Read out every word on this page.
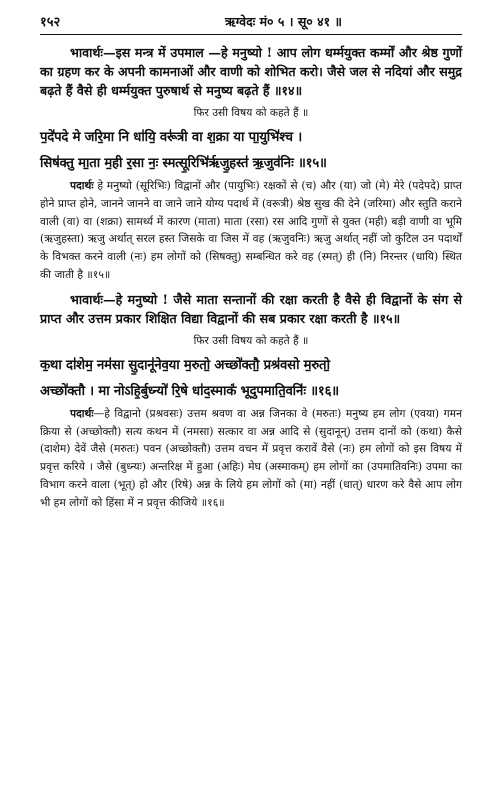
१५२	ऋग्वेदः मं० ५ । सू० ४१ ॥

भावार्थः—इस मन्त्र में उपमाल —हे मनुष्यो ! आप लोग धर्म्मयुक्त कर्म्मों और श्रेष्ठ गुणों का ग्रहण कर के अपनी कामनाओं और वाणी को शोभित करो। जैसे जल से नदियां और समुद्र बढ़ते हैं वैसे ही धर्म्मयुक्त पुरुषार्थ से मनुष्य बढ़ते हैं ॥१४॥

फिर उसी विषय को कहते हैं ॥
प॒दे॑पदे मे जरि॒मा नि धा॑यि॒ वरू॑त्री वा श॒क्रा या पा॒युभि॑श्च ।
सिष॑क्तु मा॒ता म॒ही र॒सा नः॒ स्मत्सू॒रिभि॑र्ऋजु॒हस्त॑ ऋ॒जुव॑निः ॥१५॥

पदार्थः हे मनुष्यो (सूरिभिः) विद्वानों और (पायुभिः) रक्षकों से (च) और (या) जो (मे) मेरे (पदेपदे) प्राप्त होने प्राप्त होने, जानने जानने वा जाने जाने योग्य पदार्थ में (वरूत्री) श्रेष्ठ सुख की देने (जरिमा) और स्तुति कराने वाली (वा) वा (शक्रा) सामर्थ्य में कारण (माता) माता (रसा) रस आदि गुणों से युक्त (मही) बड़ी वाणी वा भूमि (ऋजुहस्ता) ऋजु अर्थात् सरल हस्त जिसके वा जिस में वह (ऋजुवनिः) ऋजु अर्थात् नहीं जो कुटिल उन पदार्थों के विभक्त करने वाली (नः) हम लोगों को (सिषक्तु) सम्बन्धित करे वह (स्मत्) ही (नि) निरन्तर (धायि) स्थित की जाती है ॥१५॥

भावार्थः—हे मनुष्यो ! जैसे माता सन्तानों की रक्षा करती है वैसे ही विद्वानों के संग से प्राप्त और उत्तम प्रकार शिक्षित विद्या विद्वानों की सब प्रकार रक्षा करती है ॥१५॥

फिर उसी विषय को कहते हैं ॥
क॒था दा॑शेम॒ नम॑सा सु॒दानू॑नेव॒या म॒रुतो॒ अच्छो॑क्तौ॒ प्रश्र॑वसो म॒रुतो॒
अच्छो॑क्तौ । मा नोऽहि॒र्बुध्न्यो॑ रि॒षे धा॑द॒स्माकं॑ भूदुपमाति॒वनिः॑ ॥१६॥

पदार्थः—हे विद्वानो (प्रश्रवसः) उत्तम श्रवण वा अन्न जिनका वे (मरुतः) मनुष्य हम लोग (एवया) गमन क्रिया से (अच्छोक्तौ) सत्य कथन में (नमसा) सत्कार वा अन्न आदि से (सुदानून्) उत्तम दानों को (कथा) कैसे (दाशेम) देवें जैसे (मरुतः) पवन (अच्छोक्तौ) उत्तम वचन में प्रवृत्त करावें वैसे (नः) हम लोगों को इस विषय में प्रवृत्त करिये । जैसे (बुध्न्यः) अन्तरिक्ष में हुआ (अहिः) मेघ (अस्माकम्) हम लोगों का (उपमातिवनिः) उपमा का विभाग करने वाला (भूत्) हो और (रिषे) अन्न के लिये हम लोगों को (मा) नहीं (धात्) धारण करे वैसे आप लोग भी हम लोगों को हिंसा में न प्रवृत्त कीजिये ॥१६॥
